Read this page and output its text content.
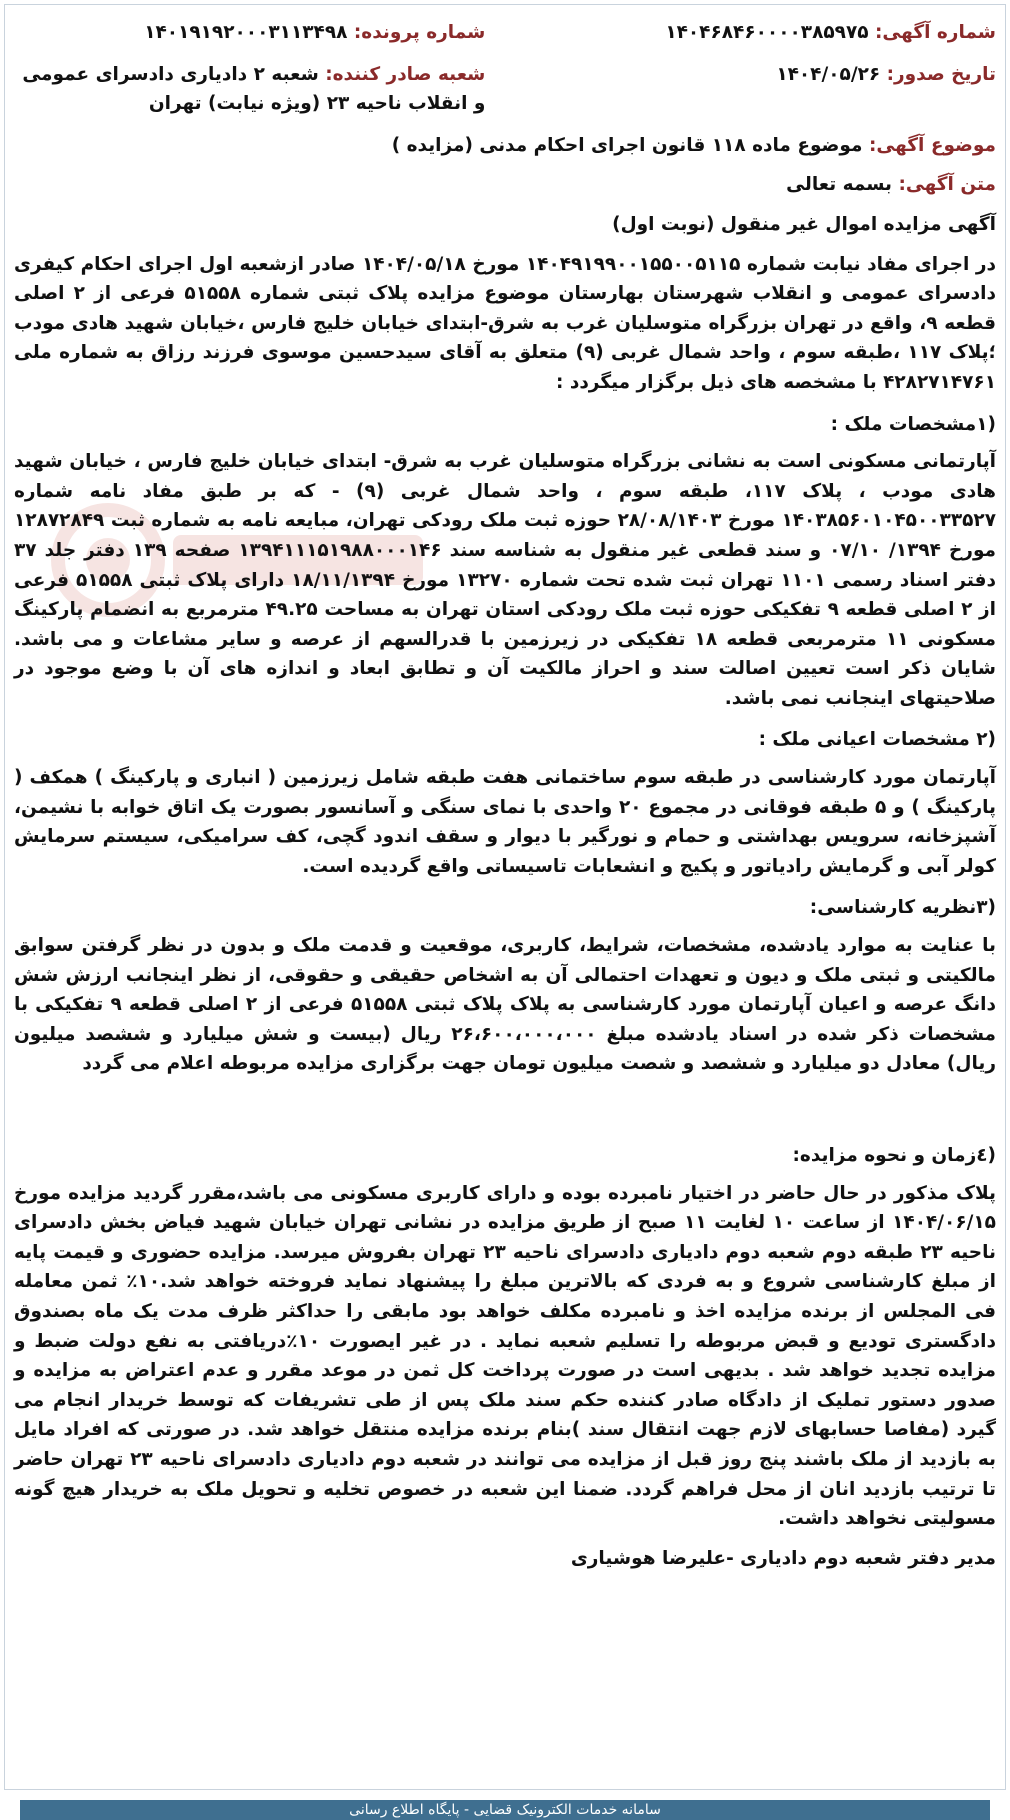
شماره آگهی: ۱۴۰۴۶۸۴۶۰۰۰۰۳۸۵۹۷۵
شماره پرونده: ۱۴۰۱۹۱۹۲۰۰۰۳۱۱۳۴۹۸
تاریخ صدور: ۱۴۰۴/۰۵/۲۶
شعبه صادر کننده: شعبه ۲ دادیاری دادسرای عمومی و انقلاب ناحیه ۲۳ (ویژه نیابت) تهران
موضوع آگهی: موضوع ماده ۱۱۸ قانون اجرای احکام مدنی (مزایده )
متن آگهی: بسمه تعالی

آگهی مزایده اموال غیر منقول (نوبت اول)

در اجرای مفاد نیابت شماره ۱۴۰۴۹۱۹۹۰۰۱۵۵۰۰۵۱۱۵ مورخ ۱۴۰۴/۰۵/۱۸ صادر ازشعبه اول اجرای احکام کیفری دادسرای عمومی و انقلاب شهرستان بهارستان موضوع مزایده پلاک ثبتی شماره ۵۱۵۵۸ فرعی از ۲ اصلی قطعه ۹، واقع در تهران بزرگراه متوسلیان غرب به شرق-ابتدای خیابان خلیج فارس ،خیابان شهید هادی مودب ؛پلاک ۱۱۷ ،طبقه سوم ، واحد شمال غربی (۹) متعلق به آقای سیدحسین موسوی فرزند رزاق به شماره ملی ۴۲۸۲۷۱۴۷۶۱ با مشخصه های ذیل برگزار میگردد :

(۱مشخصات ملک :

آپارتمانی مسکونی است به نشانی بزرگراه متوسلیان غرب به شرق- ابتدای خیابان خلیج فارس ، خیابان شهید هادی مودب ، پلاک ۱۱۷، طبقه سوم ، واحد شمال غربی (۹) - که بر طبق مفاد نامه شماره ۱۴۰۳۸۵۶۰۱۰۴۵۰۰۳۳۵۲۷ مورخ ۲۸/۰۸/۱۴۰۳ حوزه ثبت ملک رودکی تهران، مبایعه نامه به شماره ثبت ۱۲۸۷۲۸۴۹ مورخ ۱۳۹۴/ ۰۷/۱۰ و سند قطعی غیر منقول به شناسه سند ۱۳۹۴۱۱۱۵۱۹۸۸۰۰۰۱۴۶ صفحه ۱۳۹ دفتر جلد ۳۷ دفتر اسناد رسمی ۱۱۰۱ تهران ثبت شده تحت شماره ۱۳۲۷۰ مورخ ۱۸/۱۱/۱۳۹۴ دارای پلاک ثبتی ۵۱۵۵۸ فرعی از ۲ اصلی قطعه ۹ تفکیکی حوزه ثبت ملک رودکی استان تهران به مساحت ۴۹.۲۵ مترمربع به انضمام پارکینگ مسکونی ۱۱ مترمربعی قطعه ۱۸ تفکیکی در زیرزمین با قدرالسهم از عرصه و سایر مشاعات و می باشد. شایان ذکر است تعیین اصالت سند و احراز مالکیت آن و تطابق ابعاد و اندازه های آن با وضع موجود در صلاحیتهای اینجانب نمی باشد.

(۲ مشخصات اعیانی ملک :

آپارتمان مورد کارشناسی در طبقه سوم ساختمانی هفت طبقه شامل زیرزمین ( انباری و پارکینگ ) همکف ( پارکینگ ) و ۵ طبقه فوقانی در مجموع ۲۰ واحدی با نمای سنگی و آسانسور بصورت یک اتاق خوابه با نشیمن، آشپزخانه، سرویس بهداشتی و حمام و نورگیر با دیوار و سقف اندود گچی، کف سرامیکی، سیستم سرمایش کولر آبی و گرمایش رادیاتور و پکیج و انشعابات تاسیساتی واقع گردیده است.

(۳نظریه کارشناسی:

با عنایت به موارد یادشده، مشخصات، شرایط، کاربری، موقعیت و قدمت ملک و بدون در نظر گرفتن سوابق مالکیتی و ثبتی ملک و دیون و تعهدات احتمالی آن به اشخاص حقیقی و حقوقی، از نظر اینجانب ارزش شش دانگ عرصه و اعیان آپارتمان مورد کارشناسی به پلاک پلاک ثبتی ۵۱۵۵۸ فرعی از ۲ اصلی قطعه ۹ تفکیکی با مشخصات ذکر شده در اسناد یادشده مبلغ ۲۶،۶۰۰،۰۰۰،۰۰۰ ریال (بیست و شش میلیارد و ششصد میلیون ریال) معادل دو میلیارد و ششصد و شصت میلیون تومان جهت برگزاری مزایده مربوطه اعلام می گردد

(٤زمان و نحوه مزایده:

پلاک مذکور در حال حاضر در اختیار نامبرده بوده و دارای کاربری مسکونی می باشد،مقرر گردید مزایده مورخ ۱۴۰۴/۰۶/۱۵ از ساعت ۱۰ لغایت ۱۱ صبح از طریق مزایده در نشانی تهران خیابان شهید فیاض بخش دادسرای ناحیه ۲۳ طبقه دوم شعبه دوم دادیاری دادسرای ناحیه ۲۳ تهران بفروش میرسد. مزایده حضوری و قیمت پایه از مبلغ کارشناسی شروع و به فردی که بالاترین مبلغ را پیشنهاد نماید فروخته خواهد شد.۱۰٪ ثمن معامله فی المجلس از برنده مزایده اخذ و نامبرده مکلف خواهد بود مابقی را حداکثر ظرف مدت یک ماه بصندوق دادگستری تودیع و قبض مربوطه را تسلیم شعبه نماید . در غیر ایصورت ۱۰٪دریافتی به نفع دولت ضبط و مزایده تجدید خواهد شد . بدیهی است در صورت پرداخت کل ثمن در موعد مقرر و عدم اعتراض به مزایده و صدور دستور تملیک از دادگاه صادر کننده حکم سند ملک پس از طی تشریفات که توسط خریدار انجام می گیرد (مفاصا حسابهای لازم جهت انتقال سند )بنام برنده مزایده منتقل خواهد شد. در صورتی که افراد مایل به بازدید از ملک باشند پنج روز قبل از مزایده می توانند در شعبه دوم دادیاری دادسرای ناحیه ۲۳ تهران حاضر تا ترتیب بازدید انان از محل فراهم گردد. ضمنا این شعبه در خصوص تخلیه و تحویل ملک به خریدار هیچ گونه مسولیتی نخواهد داشت.

مدیر دفتر شعبه دوم دادیاری -علیرضا هوشیاری

سامانه خدمات الکترونیک قضایی - پایگاه اطلاع رسانی
